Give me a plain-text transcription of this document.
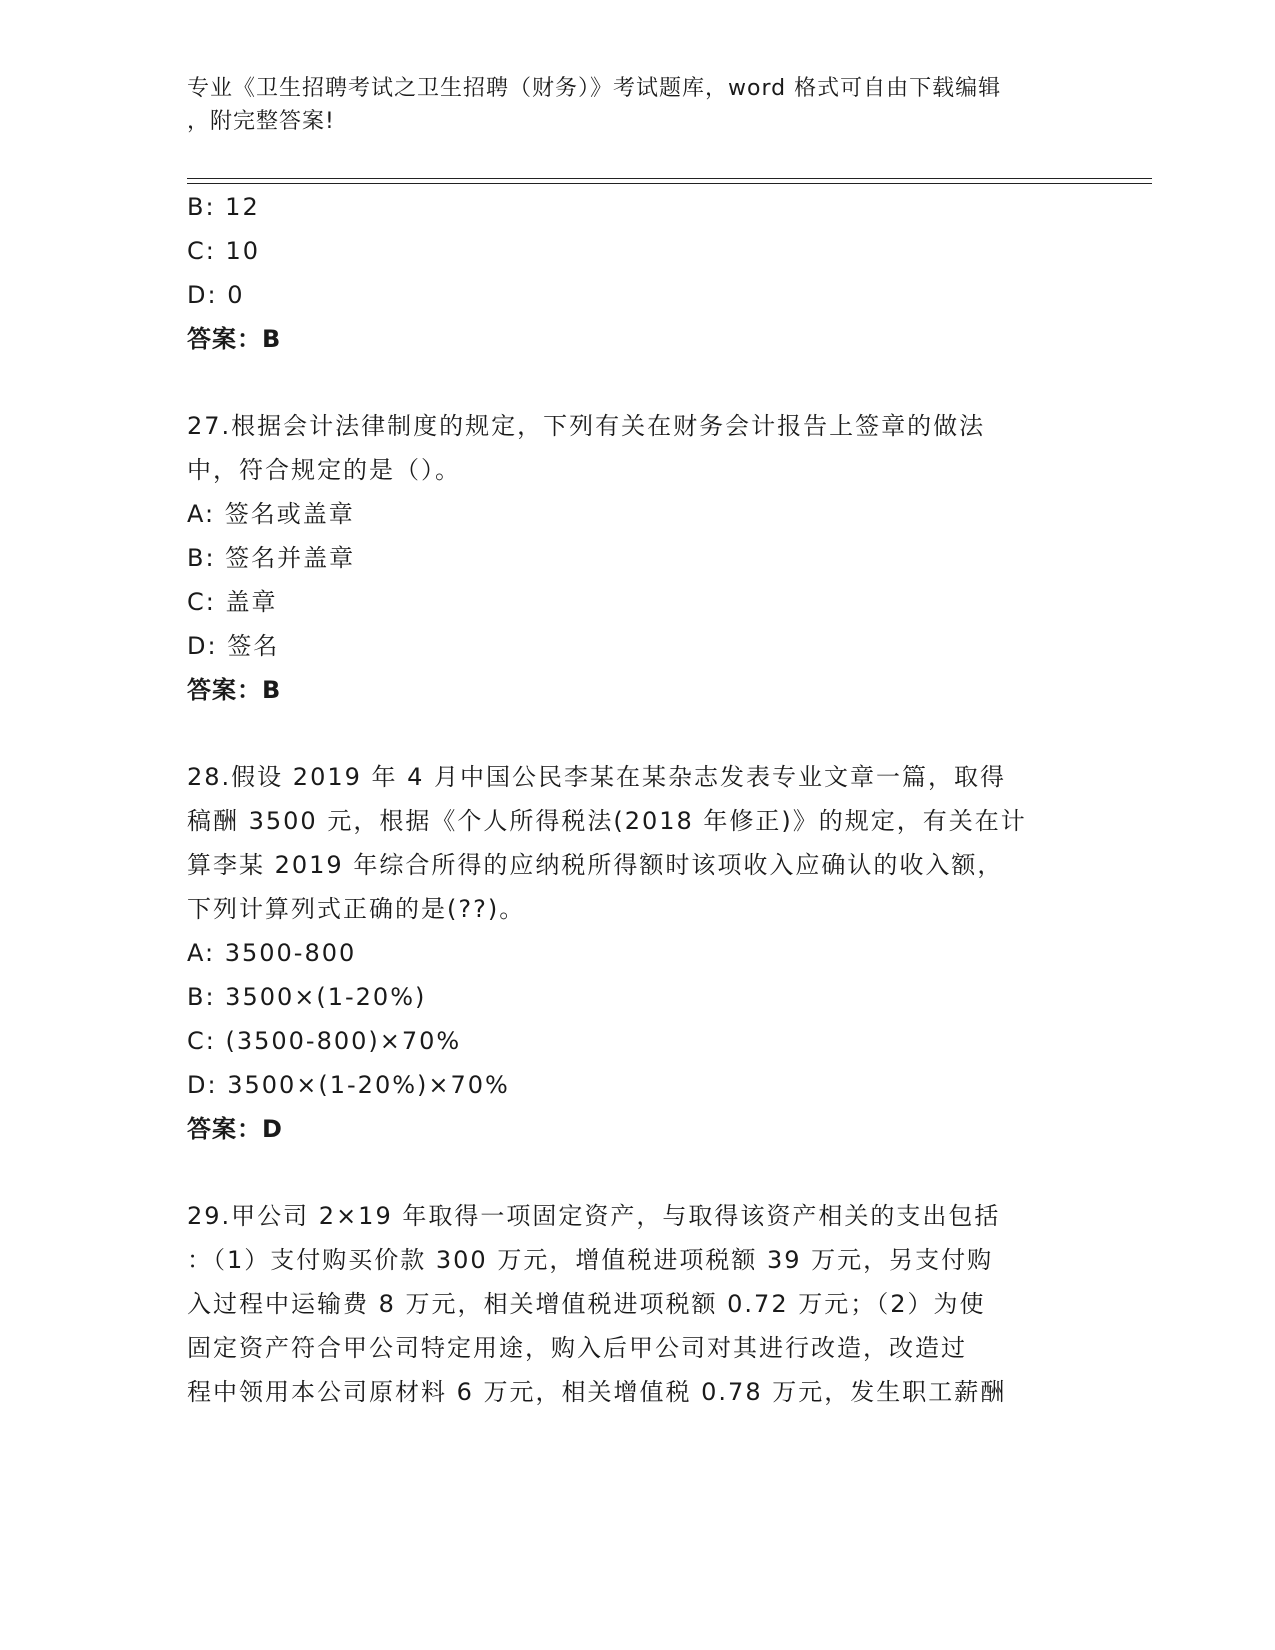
专业《卫生招聘考试之卫生招聘（财务）》考试题库，word 格式可自由下载编辑
，附完整答案!
B: 12
C: 10
D: 0
答案：B
27.根据会计法律制度的规定，下列有关在财务会计报告上签章的做法
中，符合规定的是（）。
A: 签名或盖章
B: 签名并盖章
C: 盖章
D: 签名
答案：B
28.假设 2019 年 4 月中国公民李某在某杂志发表专业文章一篇，取得
稿酬 3500 元，根据《个人所得税法(2018 年修正)》的规定，有关在计
算李某 2019 年综合所得的应纳税所得额时该项收入应确认的收入额，
下列计算列式正确的是(??)。
A: 3500-800
B: 3500×(1-20%)
C: (3500-800)×70%
D: 3500×(1-20%)×70%
答案：D
29.甲公司 2×19 年取得一项固定资产，与取得该资产相关的支出包括
：（1）支付购买价款 300 万元，增值税进项税额 39 万元，另支付购
入过程中运输费 8 万元，相关增值税进项税额 0.72 万元；（2）为使
固定资产符合甲公司特定用途，购入后甲公司对其进行改造，改造过
程中领用本公司原材料 6 万元，相关增值税 0.78 万元，发生职工薪酬
